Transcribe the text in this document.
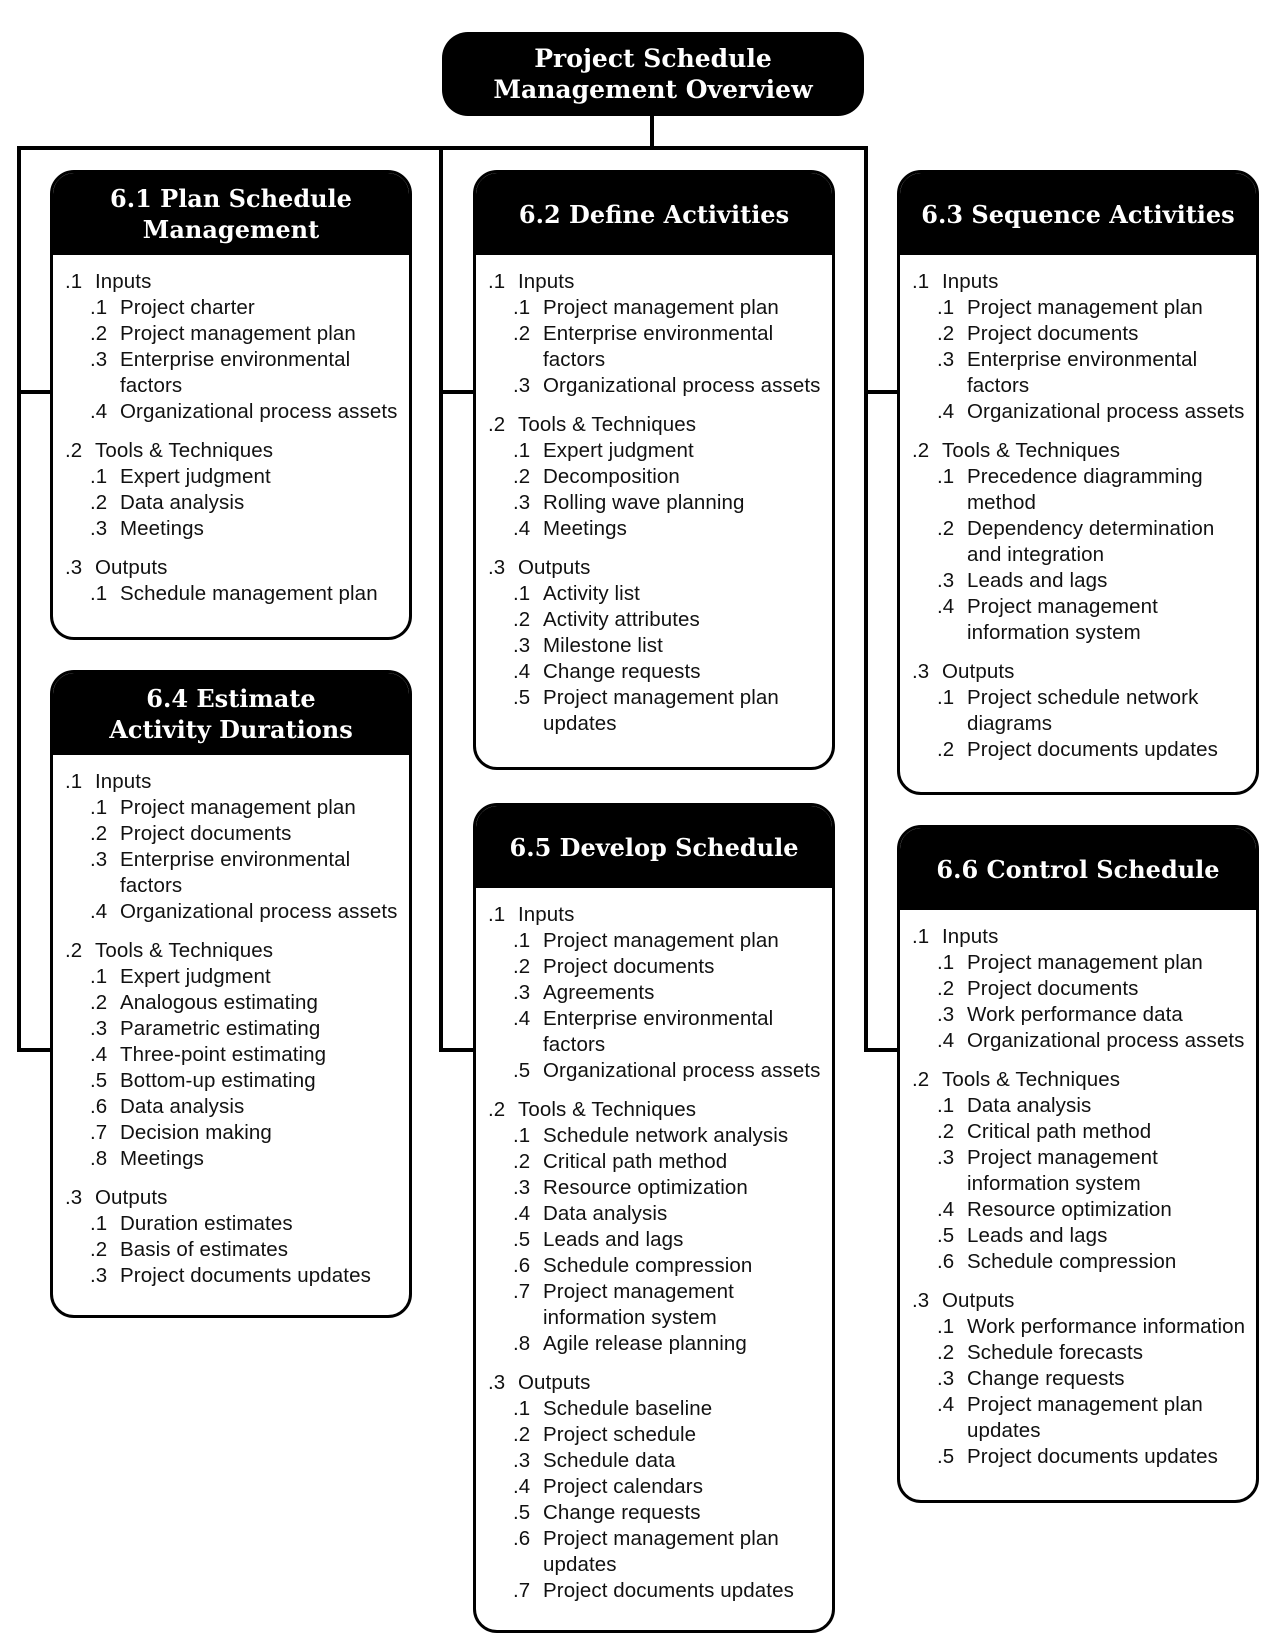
Project Schedule
Management Overview
6.1 Plan Schedule
Management
.1 Inputs
.1 Project charter
.2 Project management plan
.3 Enterprise environmental factors
.4 Organizational process assets
.2 Tools & Techniques
.1 Expert judgment
.2 Data analysis
.3 Meetings
.3 Outputs
.1 Schedule management plan
6.2 Define Activities
.1 Inputs
.1 Project management plan
.2 Enterprise environmental factors
.3 Organizational process assets
.2 Tools & Techniques
.1 Expert judgment
.2 Decomposition
.3 Rolling wave planning
.4 Meetings
.3 Outputs
.1 Activity list
.2 Activity attributes
.3 Milestone list
.4 Change requests
.5 Project management plan updates
6.3 Sequence Activities
.1 Inputs
.1 Project management plan
.2 Project documents
.3 Enterprise environmental factors
.4 Organizational process assets
.2 Tools & Techniques
.1 Precedence diagramming method
.2 Dependency determination and integration
.3 Leads and lags
.4 Project management information system
.3 Outputs
.1 Project schedule network diagrams
.2 Project documents updates
6.4 Estimate
Activity Durations
.1 Inputs
.1 Project management plan
.2 Project documents
.3 Enterprise environmental factors
.4 Organizational process assets
.2 Tools & Techniques
.1 Expert judgment
.2 Analogous estimating
.3 Parametric estimating
.4 Three-point estimating
.5 Bottom-up estimating
.6 Data analysis
.7 Decision making
.8 Meetings
.3 Outputs
.1 Duration estimates
.2 Basis of estimates
.3 Project documents updates
6.5 Develop Schedule
.1 Inputs
.1 Project management plan
.2 Project documents
.3 Agreements
.4 Enterprise environmental factors
.5 Organizational process assets
.2 Tools & Techniques
.1 Schedule network analysis
.2 Critical path method
.3 Resource optimization
.4 Data analysis
.5 Leads and lags
.6 Schedule compression
.7 Project management information system
.8 Agile release planning
.3 Outputs
.1 Schedule baseline
.2 Project schedule
.3 Schedule data
.4 Project calendars
.5 Change requests
.6 Project management plan updates
.7 Project documents updates
6.6 Control Schedule
.1 Inputs
.1 Project management plan
.2 Project documents
.3 Work performance data
.4 Organizational process assets
.2 Tools & Techniques
.1 Data analysis
.2 Critical path method
.3 Project management information system
.4 Resource optimization
.5 Leads and lags
.6 Schedule compression
.3 Outputs
.1 Work performance information
.2 Schedule forecasts
.3 Change requests
.4 Project management plan updates
.5 Project documents updates
